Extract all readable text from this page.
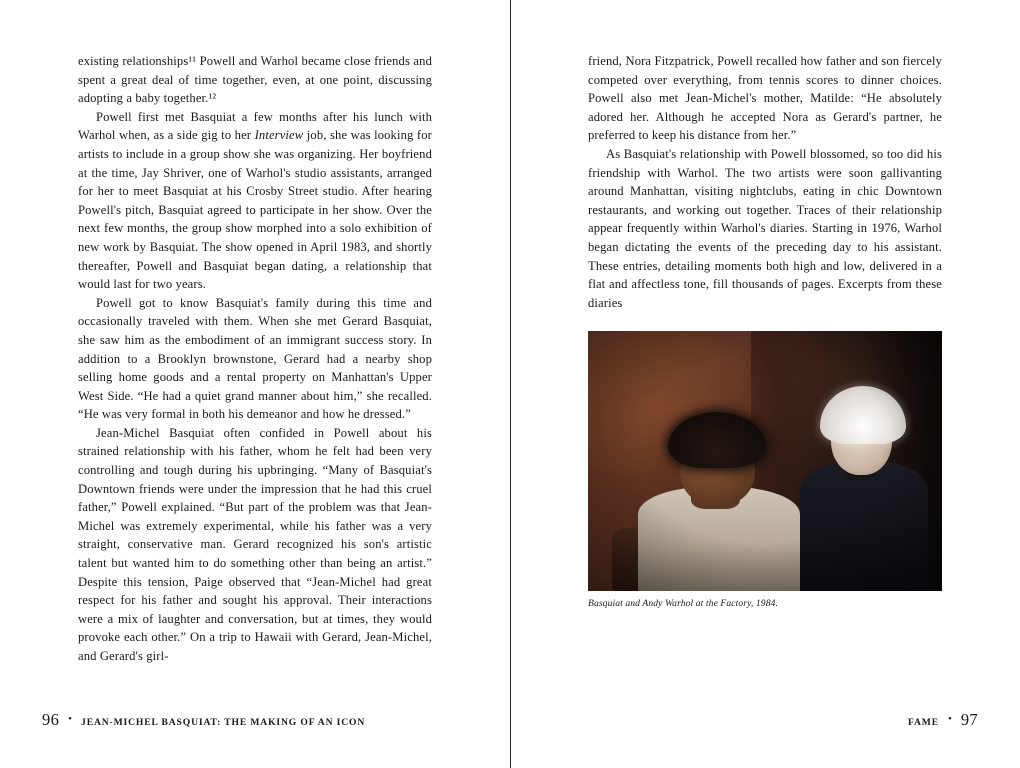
existing relationships¹¹ Powell and Warhol became close friends and spent a great deal of time together, even, at one point, discussing adopting a baby together.¹²

Powell first met Basquiat a few months after his lunch with Warhol when, as a side gig to her Interview job, she was looking for artists to include in a group show she was organizing. Her boyfriend at the time, Jay Shriver, one of Warhol's studio assistants, arranged for her to meet Basquiat at his Crosby Street studio. After hearing Powell's pitch, Basquiat agreed to participate in her show. Over the next few months, the group show morphed into a solo exhibition of new work by Basquiat. The show opened in April 1983, and shortly thereafter, Powell and Basquiat began dating, a relationship that would last for two years.

Powell got to know Basquiat's family during this time and occasionally traveled with them. When she met Gerard Basquiat, she saw him as the embodiment of an immigrant success story. In addition to a Brooklyn brownstone, Gerard had a nearby shop selling home goods and a rental property on Manhattan's Upper West Side. “He had a quiet grand manner about him,” she recalled. “He was very formal in both his demeanor and how he dressed.”

Jean-Michel Basquiat often confided in Powell about his strained relationship with his father, whom he felt had been very controlling and tough during his upbringing. “Many of Basquiat's Downtown friends were under the impression that he had this cruel father,” Powell explained. “But part of the problem was that Jean-Michel was extremely experimental, while his father was a very straight, conservative man. Gerard recognized his son's artistic talent but wanted him to do something other than being an artist.” Despite this tension, Paige observed that “Jean-Michel had great respect for his father and sought his approval. Their interactions were a mix of laughter and conversation, but at times, they would provoke each other.” On a trip to Hawaii with Gerard, Jean-Michel, and Gerard's girl-

96 • JEAN-MICHEL BASQUIAT: THE MAKING OF AN ICON

friend, Nora Fitzpatrick, Powell recalled how father and son fiercely competed over everything, from tennis scores to dinner choices. Powell also met Jean-Michel's mother, Matilde: “He absolutely adored her. Although he accepted Nora as Gerard's partner, he preferred to keep his distance from her.”

As Basquiat's relationship with Powell blossomed, so too did his friendship with Warhol. The two artists were soon gallivanting around Manhattan, visiting nightclubs, eating in chic Downtown restaurants, and working out together. Traces of their relationship appear frequently within Warhol's diaries. Starting in 1976, Warhol began dictating the events of the preceding day to his assistant. These entries, detailing moments both high and low, delivered in a flat and affectless tone, fill thousands of pages. Excerpts from these diaries

Basquiat and Andy Warhol at the Factory, 1984.
FAME • 97
